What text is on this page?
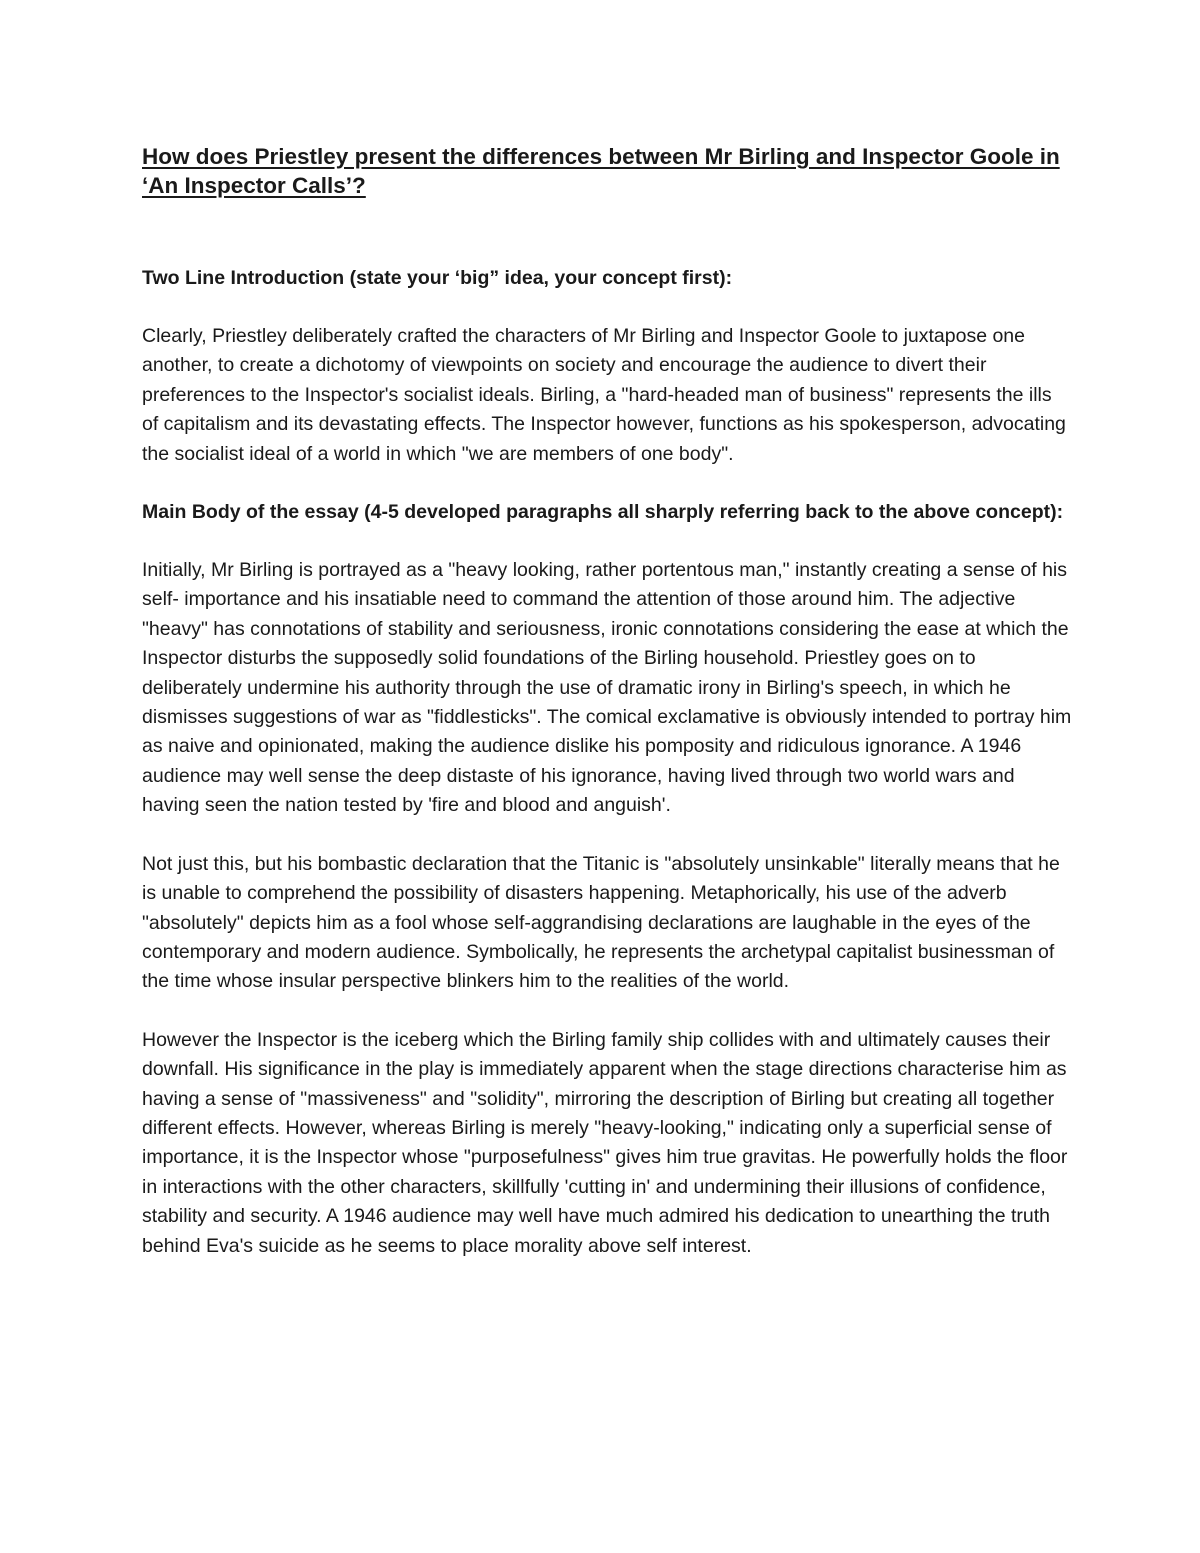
How does Priestley present the differences between Mr Birling and Inspector Goole in ‘An Inspector Calls’?
Two Line Introduction (state your ‘big” idea, your concept first):

Clearly, Priestley deliberately crafted the characters of Mr Birling and Inspector Goole to juxtapose one another, to create a dichotomy of viewpoints on society and encourage the audience to divert their preferences to the Inspector's socialist ideals. Birling, a "hard-headed man of business" represents the ills of capitalism and its devastating effects. The Inspector however, functions as his spokesperson, advocating the socialist ideal of a world in which "we are members of one body".

Main Body of the essay (4-5 developed paragraphs all sharply referring back to the above concept):

Initially, Mr Birling is portrayed as a "heavy looking, rather portentous man," instantly creating a sense of his self- importance and his insatiable need to command the attention of those around him. The adjective "heavy" has connotations of stability and seriousness, ironic connotations considering the ease at which the Inspector disturbs the supposedly solid foundations of the Birling household. Priestley goes on to deliberately undermine his authority through the use of dramatic irony in Birling's speech, in which he dismisses suggestions of war as "fiddlesticks". The comical exclamative is obviously intended to portray him as naive and opinionated, making the audience dislike his pomposity and ridiculous ignorance. A 1946 audience may well sense the deep distaste of his ignorance, having lived through two world wars and having seen the nation tested by 'fire and blood and anguish'.

Not just this, but his bombastic declaration that the Titanic is "absolutely unsinkable" literally means that he is unable to comprehend the possibility of disasters happening. Metaphorically, his use of the adverb "absolutely" depicts him as a fool whose self-aggrandising declarations are laughable in the eyes of the contemporary and modern audience. Symbolically, he represents the archetypal capitalist businessman of the time whose insular perspective blinkers him to the realities of the world.

However the Inspector is the iceberg which the Birling family ship collides with and ultimately causes their downfall. His significance in the play is immediately apparent when the stage directions characterise him as having a sense of "massiveness" and "solidity", mirroring the description of Birling but creating all together different effects. However, whereas Birling is merely "heavy-looking," indicating only a superficial sense of importance, it is the Inspector whose "purposefulness" gives him true gravitas. He powerfully holds the floor in interactions with the other characters, skillfully 'cutting in' and undermining their illusions of confidence, stability and security. A 1946 audience may well have much admired his dedication to unearthing the truth behind Eva's suicide as he seems to place morality above self interest.
